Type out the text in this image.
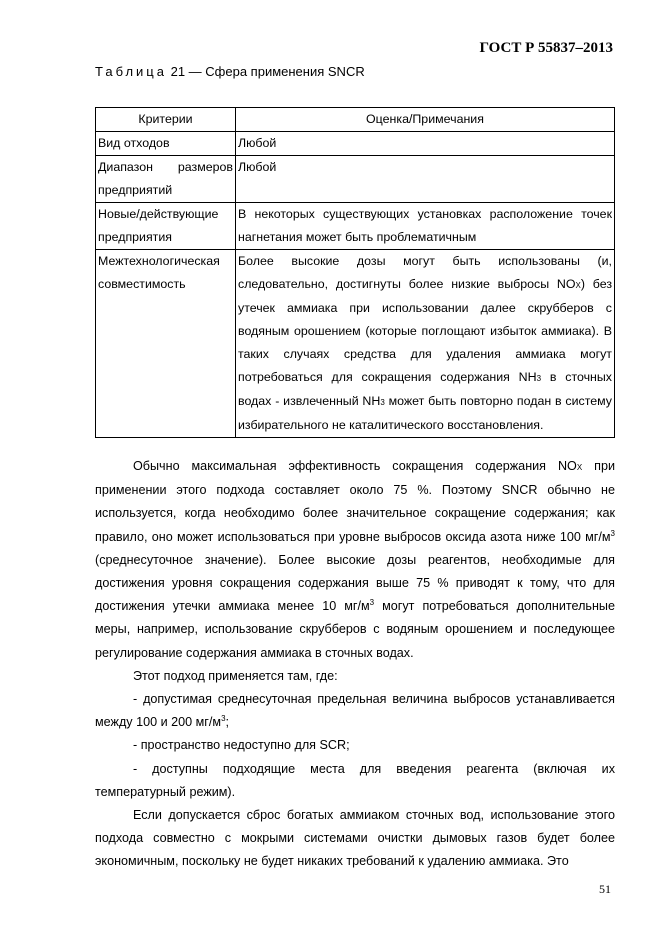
ГОСТ Р 55837–2013
Таблица 21 — Сфера применения SNCR
Критерии	Оценка/Примечания
Вид отходов	Любой
Диапазон размеров предприятий	Любой
Новые/действующие предприятия	В некоторых существующих установках расположение точек нагнетания может быть проблематичным
Межтехнологическая совместимость	Более высокие дозы могут быть использованы (и, следовательно, достигнуты более низкие выбросы NOX) без утечек аммиака при использовании далее скрубберов с водяным орошением (которые поглощают избыток аммиака). В таких случаях средства для удаления аммиака могут потребоваться для сокращения содержания NH3 в сточных водах - извлеченный NH3 может быть повторно подан в систему избирательного не каталитического восстановления.

Обычно максимальная эффективность сокращения содержания NOX при применении этого подхода составляет около 75 %. Поэтому SNCR обычно не используется, когда необходимо более значительное сокращение содержания; как правило, оно может использоваться при уровне выбросов оксида азота ниже 100 $мг/м^3$ (среднесуточное значение). Более высокие дозы реагентов, необходимые для достижения уровня сокращения содержания выше 75 % приводят к тому, что для достижения утечки аммиака менее 10 $мг/м^3$ могут потребоваться дополнительные меры, например, использование скрубберов с водяным орошением и последующее регулирование содержания аммиака в сточных водах.

Этот подход применяется там, где:

- допустимая среднесуточная предельная величина выбросов устанавливается между 100 и 200 $мг/м^3$;

- пространство недоступно для SCR;

- доступны подходящие места для введения реагента (включая их температурный режим).

Если допускается сброс богатых аммиаком сточных вод, использование этого подхода совместно с мокрыми системами очистки дымовых газов будет более экономичным, поскольку не будет никаких требований к удалению аммиака. Это

51
